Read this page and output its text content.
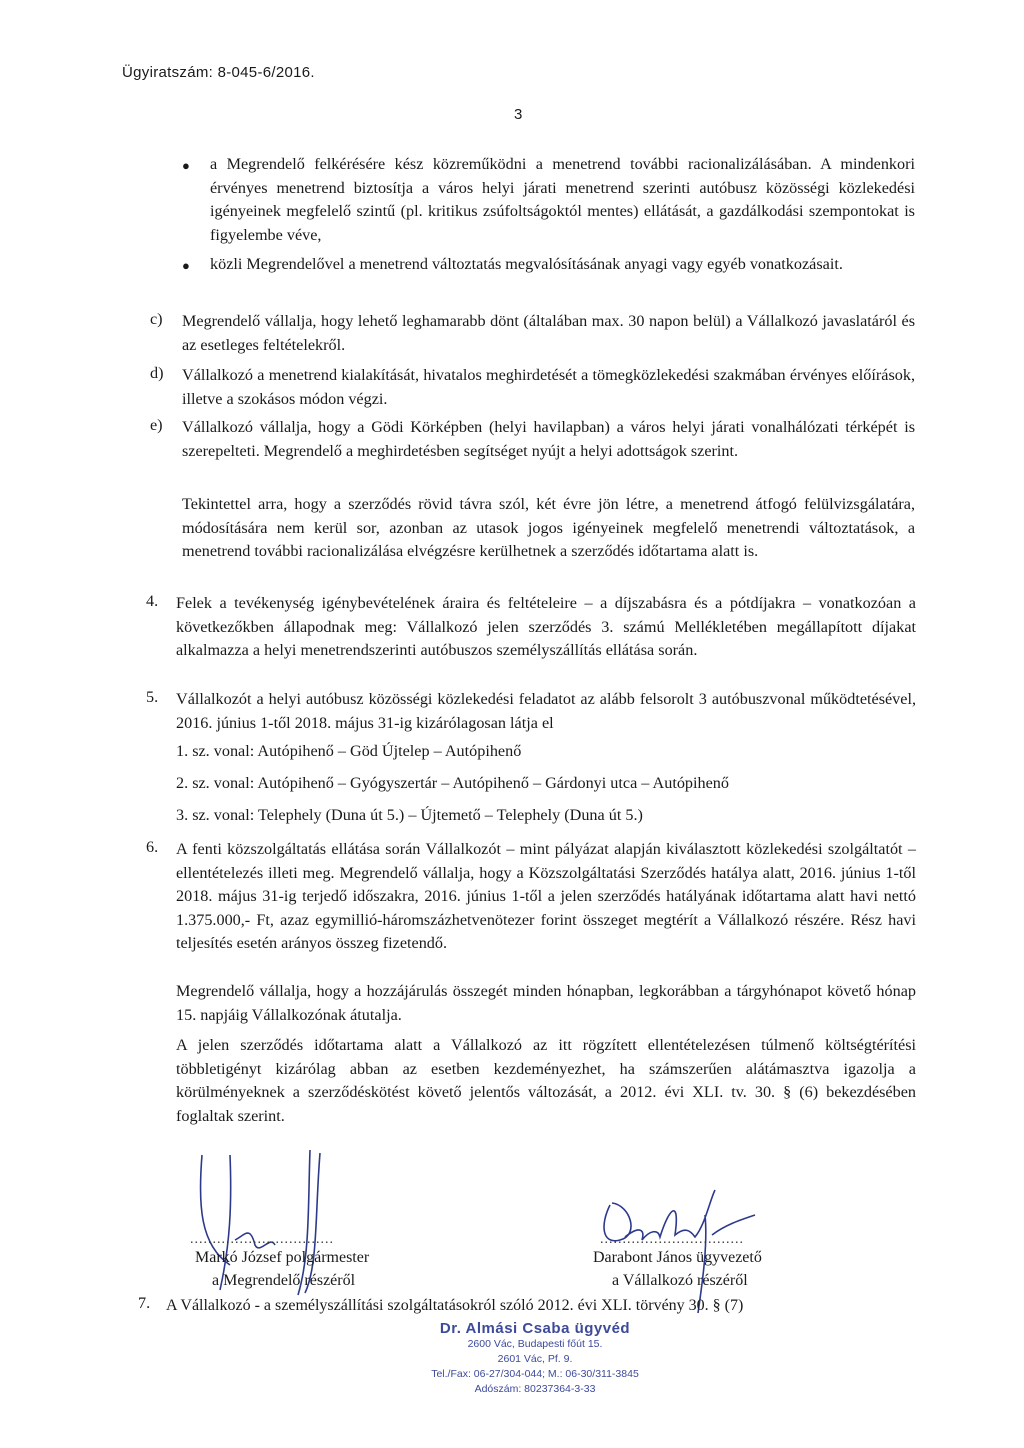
Ügyiratszám: 8-045-6/2016.
3
● a Megrendelő felkérésére kész közreműködni a menetrend további racionalizálásában. A mindenkori érvényes menetrend biztosítja a város helyi járati menetrend szerinti autóbusz közösségi közlekedési igényeinek megfelelő szintű (pl. kritikus zsúfoltságoktól mentes) ellátását, a gazdálkodási szempontokat is figyelembe véve,
● közli Megrendelővel a menetrend változtatás megvalósításának anyagi vagy egyéb vonatkozásait.
c) Megrendelő vállalja, hogy lehető leghamarabb dönt (általában max. 30 napon belül) a Vállalkozó javaslatáról és az esetleges feltételekről.
d) Vállalkozó a menetrend kialakítását, hivatalos meghirdetését a tömegközlekedési szakmában érvényes előírások, illetve a szokásos módon végzi.
e) Vállalkozó vállalja, hogy a Gödi Körképben (helyi havilapban) a város helyi járati vonalhálózati térképét is szerepelteti. Megrendelő a meghirdetésben segítséget nyújt a helyi adottságok szerint.
Tekintettel arra, hogy a szerződés rövid távra szól, két évre jön létre, a menetrend átfogó felülvizsgálatára, módosítására nem kerül sor, azonban az utasok jogos igényeinek megfelelő menetrendi változtatások, a menetrend további racionalizálása elvégzésre kerülhetnek a szerződés időtartama alatt is.
4. Felek a tevékenység igénybevételének áraira és feltételeire – a díjszabásra és a pótdíjakra – vonatkozóan a következőkben állapodnak meg: Vállalkozó jelen szerződés 3. számú Mellékletében megállapított díjakat alkalmazza a helyi menetrendszerinti autóbuszos személyszállítás ellátása során.
5. Vállalkozót a helyi autóbusz közösségi közlekedési feladatot az alább felsorolt 3 autóbuszvonal működtetésével, 2016. június 1-től 2018. május 31-ig kizárólagosan látja el
1. sz. vonal: Autópihenő – Göd Újtelep – Autópihenő
2. sz. vonal: Autópihenő – Gyógyszertár – Autópihenő – Gárdonyi utca – Autópihenő
3. sz. vonal: Telephely (Duna út 5.) – Újtemető – Telephely (Duna út 5.)
6. A fenti közszolgáltatás ellátása során Vállalkozót – mint pályázat alapján kiválasztott közlekedési szolgáltatót – ellentételezés illeti meg. Megrendelő vállalja, hogy a Közszolgáltatási Szerződés hatálya alatt, 2016. június 1-től 2018. május 31-ig terjedő időszakra, 2016. június 1-től a jelen szerződés hatályának időtartama alatt havi nettó 1.375.000,- Ft, azaz egymillió-háromszázhetvenötezer forint összeget megtérít a Vállalkozó részére. Rész havi teljesítés esetén arányos összeg fizetendő.
Megrendelő vállalja, hogy a hozzájárulás összegét minden hónapban, legkorábban a tárgyhónapot követő hónap 15. napjáig Vállalkozónak átutalja.
A jelen szerződés időtartama alatt a Vállalkozó az itt rögzített ellentételezésen túlmenő költségtérítési többletigényt kizárólag abban az esetben kezdeményezhet, ha számszerűen alátámasztva igazolja a körülményeknek a szerződéskötést követő jelentős változását, a 2012. évi XLI. tv. 30. § (6) bekezdésében foglaltak szerint.
................................
Markó József polgármester
a Megrendelő részéről
................................
Darabont János ügyvezető
a Vállalkozó részéről
7. A Vállalkozó - a személyszállítási szolgáltatásokról szóló 2012. évi XLI. törvény 30. § (7)
Dr. Almási Csaba ügyvéd
2600 Vác, Budapesti főút 15.
2601 Vác, Pf. 9.
Tel./Fax: 06-27/304-044; M.: 06-30/311-3845
Adószám: 80237364-3-33
